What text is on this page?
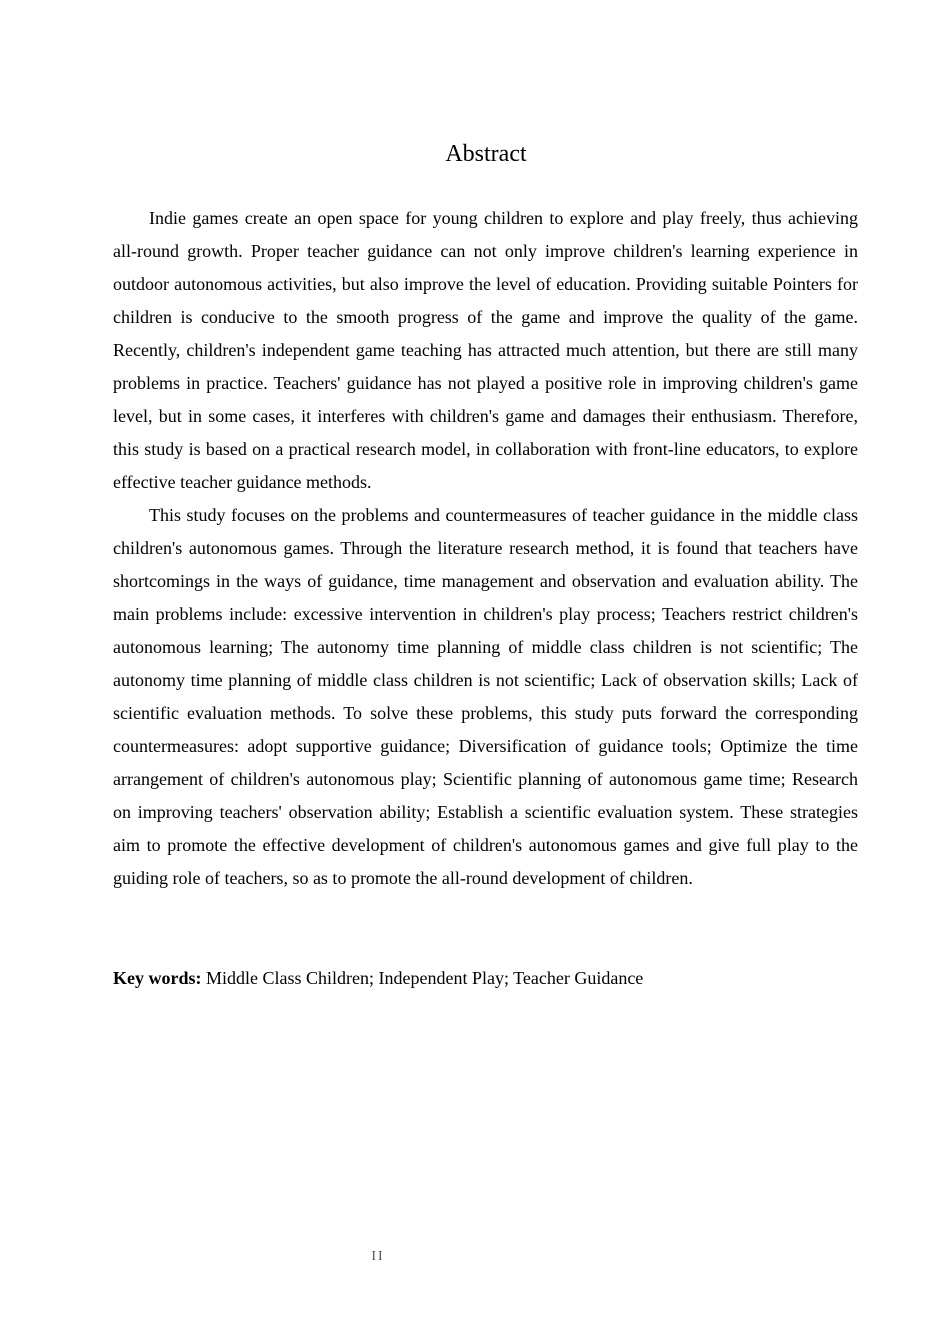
Abstract

Indie games create an open space for young children to explore and play freely, thus achieving all-round growth. Proper teacher guidance can not only improve children's learning experience in outdoor autonomous activities, but also improve the level of education. Providing suitable Pointers for children is conducive to the smooth progress of the game and improve the quality of the game. Recently, children's independent game teaching has attracted much attention, but there are still many problems in practice. Teachers' guidance has not played a positive role in improving children's game level, but in some cases, it interferes with children's game and damages their enthusiasm. Therefore, this study is based on a practical research model, in collaboration with front-line educators, to explore effective teacher guidance methods.

This study focuses on the problems and countermeasures of teacher guidance in the middle class children's autonomous games. Through the literature research method, it is found that teachers have shortcomings in the ways of guidance, time management and observation and evaluation ability. The main problems include: excessive intervention in children's play process; Teachers restrict children's autonomous learning; The autonomy time planning of middle class children is not scientific; The autonomy time planning of middle class children is not scientific; Lack of observation skills; Lack of scientific evaluation methods. To solve these problems, this study puts forward the corresponding countermeasures: adopt supportive guidance; Diversification of guidance tools; Optimize the time arrangement of children's autonomous play; Scientific planning of autonomous game time; Research on improving teachers' observation ability; Establish a scientific evaluation system. These strategies aim to promote the effective development of children's autonomous games and give full play to the guiding role of teachers, so as to promote the all-round development of children.

Key words: Middle Class Children; Independent Play; Teacher Guidance
II
